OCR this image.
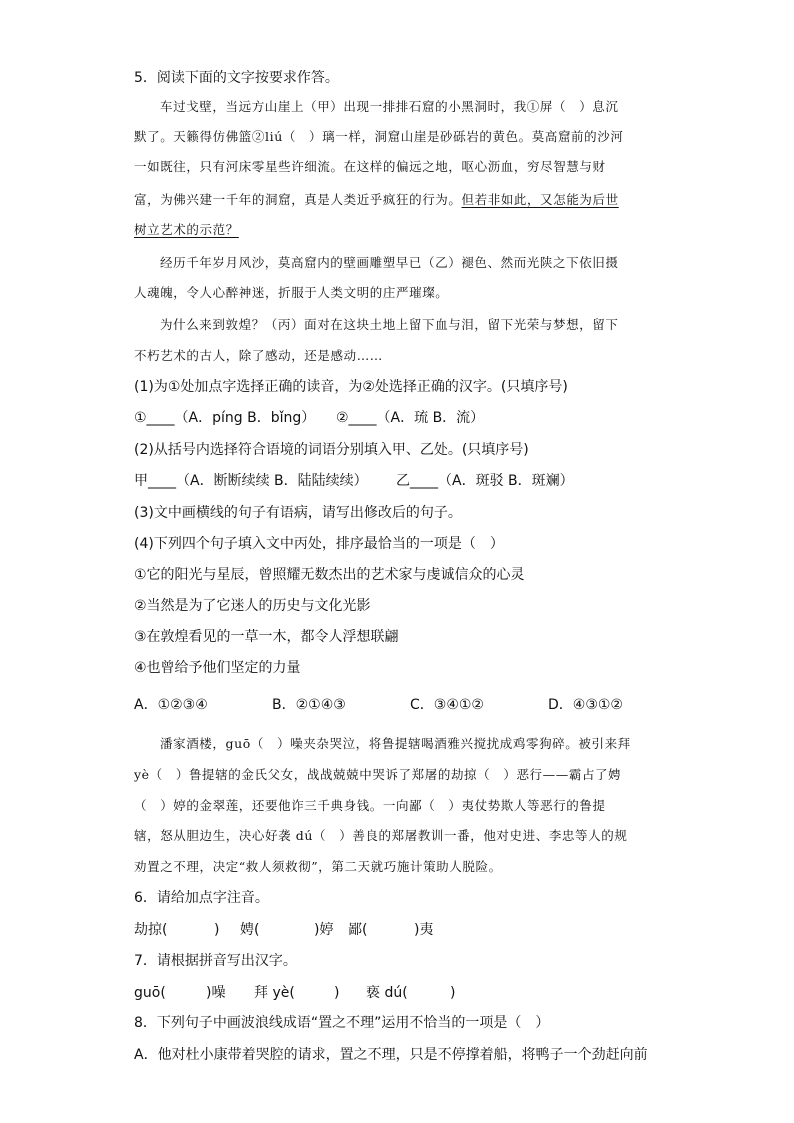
5．阅读下面的文字按要求作答。
车过戈壁，当远方山崖上（甲）出现一排排石窟的小黑洞时，我①屏（　）息沉
默了。天籁得仿佛篮②liú（　）璃一样，洞窟山崖是砂砾岩的黄色。莫高窟前的沙河
一如既往，只有河床零星些许细流。在这样的偏远之地，呕心沥血，穷尽智慧与财
富，为佛兴建一千年的洞窟，真是人类近乎疯狂的行为。但若非如此，又怎能为后世
树立艺术的示范？
经历千年岁月风沙，莫高窟内的壁画雕塑早已（乙）褪色、然而光陕之下依旧摄
人魂魄，令人心醉神迷，折服于人类文明的庄严璀璨。
为什么来到敦煌？（丙）面对在这块土地上留下血与泪，留下光荣与梦想，留下
不朽艺术的古人，除了感动，还是感动……
(1)为①处加点字选择正确的读音，为②处选择正确的汉字。(只填序号)
①____（A．píng B．bǐng） ②____（A．琉 B．流）
(2)从括号内选择符合语境的词语分别填入甲、乙处。(只填序号)
甲____（A．断断续续 B．陆陆续续） 乙____（A．斑驳 B．斑斓）
(3)文中画横线的句子有语病，请写出修改后的句子。
(4)下列四个句子填入文中丙处，排序最恰当的一项是（　）
①它的阳光与星辰，曾照耀无数杰出的艺术家与虔诚信众的心灵
②当然是为了它迷人的历史与文化光影
③在敦煌看见的一草一木，都令人浮想联翩
④也曾给予他们坚定的力量
A．①②③④	B．②①④③	C．③④①②	D．④③①②
潘家酒楼，guō（　）噪夹杂哭泣，将鲁提辖喝酒雅兴搅扰成鸡零狗碎。被引来拜
yè（　）鲁提辖的金氏父女，战战兢兢中哭诉了郑屠的劫掠（　）恶行——霸占了娉
（　）婷的金翠莲，还要他诈三千典身钱。一向鄙（　）夷仗势欺人等恶行的鲁提
辖，怒从胆边生，决心好袭 dú（　）善良的郑屠教训一番，他对史进、李忠等人的规
劝置之不理，决定“救人须救彻”，第二天就巧施计策助人脱险。
6．请给加点字注音。
劫掠(	) 娉(	)婷 鄙(	)夷
7．请根据拼音写出汉字。
guō(	)噪 拜 yè(	) 亵 dú(	)
8．下列句子中画波浪线成语“置之不理”运用不恰当的一项是（　）
A．他对杜小康带着哭腔的请求，置之不理，只是不停撑着船，将鸭子一个劲赶向前
